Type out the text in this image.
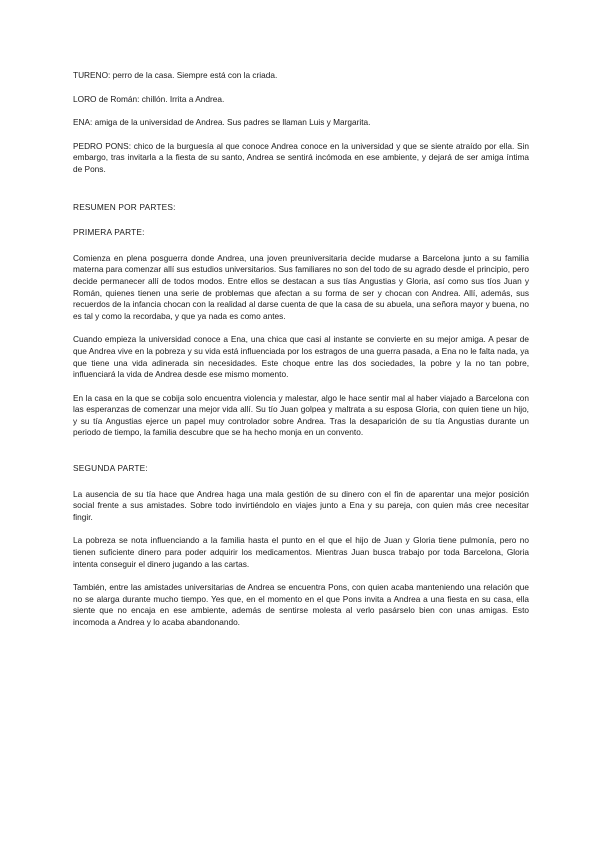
TURENO: perro de la casa. Siempre está con la criada.

LORO de Román: chillón. Irrita a Andrea.

ENA: amiga de la universidad de Andrea. Sus padres se llaman Luis y Margarita.

PEDRO PONS: chico de la burguesía al que conoce Andrea conoce en la universidad y que se siente atraído por ella. Sin embargo, tras invitarla a la fiesta de su santo, Andrea se sentirá incómoda en ese ambiente, y dejará de ser amiga íntima de Pons.

RESUMEN POR PARTES:

PRIMERA PARTE:

Comienza en plena posguerra donde Andrea, una joven preuniversitaria decide mudarse a Barcelona junto a su familia materna para comenzar allí sus estudios universitarios. Sus familiares no son del todo de su agrado desde el principio, pero decide permanecer allí de todos modos. Entre ellos se destacan a sus tías Angustias y Gloria, así como sus tíos Juan y Román, quienes tienen una serie de problemas que afectan a su forma de ser y chocan con Andrea. Allí, además, sus recuerdos de la infancia chocan con la realidad al darse cuenta de que la casa de su abuela, una señora mayor y buena, no es tal y como la recordaba, y que ya nada es como antes.

Cuando empieza la universidad conoce a Ena, una chica que casi al instante se convierte en su mejor amiga. A pesar de que Andrea vive en la pobreza y su vida está influenciada por los estragos de una guerra pasada, a Ena no le falta nada, ya que tiene una vida adinerada sin necesidades. Este choque entre las dos sociedades, la pobre y la no tan pobre, influenciará la vida de Andrea desde ese mismo momento.

En la casa en la que se cobija solo encuentra violencia y malestar, algo le hace sentir mal al haber viajado a Barcelona con las esperanzas de comenzar una mejor vida allí. Su tío Juan golpea y maltrata a su esposa Gloria, con quien tiene un hijo, y su tía Angustias ejerce un papel muy controlador sobre Andrea. Tras la desaparición de su tía Angustias durante un periodo de tiempo, la familia descubre que se ha hecho monja en un convento.

SEGUNDA PARTE:

La ausencia de su tía hace que Andrea haga una mala gestión de su dinero con el fin de aparentar una mejor posición social frente a sus amistades. Sobre todo invirtiéndolo en viajes junto a Ena y su pareja, con quien más cree necesitar fingir.

La pobreza se nota influenciando a la familia hasta el punto en el que el hijo de Juan y Gloria tiene pulmonía, pero no tienen suficiente dinero para poder adquirir los medicamentos. Mientras Juan busca trabajo por toda Barcelona, Gloria intenta conseguir el dinero jugando a las cartas.

También, entre las amistades universitarias de Andrea se encuentra Pons, con quien acaba manteniendo una relación que no se alarga durante mucho tiempo. Yes que, en el momento en el que Pons invita a Andrea a una fiesta en su casa, ella siente que no encaja en ese ambiente, además de sentirse molesta al verlo pasárselo bien con unas amigas. Esto incomoda a Andrea y lo acaba abandonando.
